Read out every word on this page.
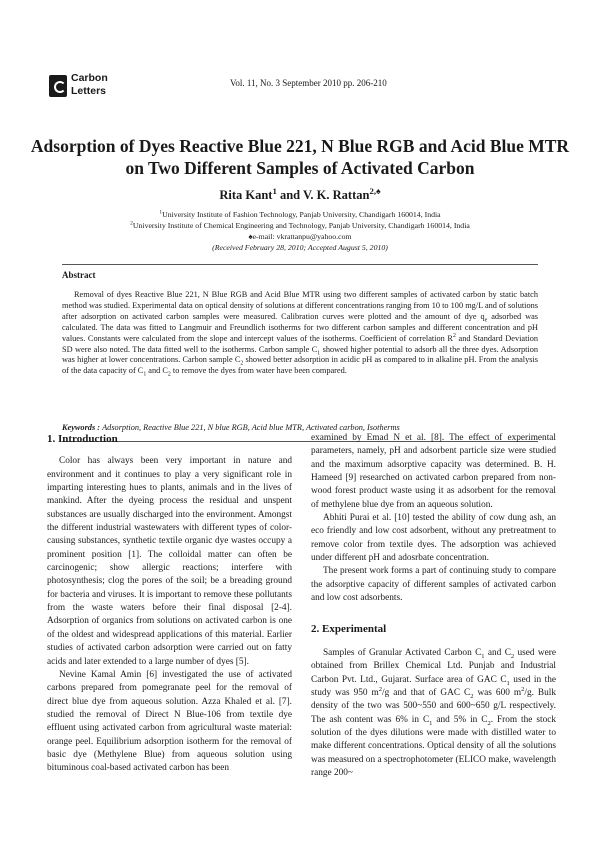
Carbon
Letters
Vol. 11, No. 3 September 2010 pp. 206-210
Adsorption of Dyes Reactive Blue 221, N Blue RGB and Acid Blue MTR
on Two Different Samples of Activated Carbon
Rita Kant$^1$ and V. K. Rattan$^{2,♠}$
$^1$University Institute of Fashion Technology, Panjab University, Chandigarh 160014, India
$^2$University Institute of Chemical Engineering and Technology, Panjab University, Chandigarh 160014, India
♠e-mail: vkrattanpu@yahoo.com
(Received February 28, 2010; Accepted August 5, 2010)
Abstract
Removal of dyes Reactive Blue 221, N Blue RGB and Acid Blue MTR using two different samples of activated carbon by static batch method was studied. Experimental data on optical density of solutions at different concentrations ranging from 10 to 100 mg/L and of solutions after adsorption on activated carbon samples were measured. Calibration curves were plotted and the amount of dye $q_e$ adsorbed was calculated. The data was fitted to Langmuir and Freundlich isotherms for two different carbon samples and different concentration and pH values. Constants were calculated from the slope and intercept values of the isotherms. Coefficient of correlation $R^2$ and Standard Deviation SD were also noted. The data fitted well to the isotherms. Carbon sample $C_1$ showed higher potential to adsorb all the three dyes. Adsorption was higher at lower concentrations. Carbon sample $C_2$ showed better adsorption in acidic pH as compared to in alkaline pH. From the analysis of the data capacity of $C_1$ and $C_2$ to remove the dyes from water have been compared.
Keywords : Adsorption, Reactive Blue 221, N blue RGB, Acid blue MTR, Activated carbon, Isotherms
1. Introduction

Color has always been very important in nature and environment and it continues to play a very significant role in imparting interesting hues to plants, animals and in the lives of mankind. After the dyeing process the residual and unspent substances are usually discharged into the environment. Amongst the different industrial wastewaters with different types of color-causing substances, synthetic textile organic dye wastes occupy a prominent position [1]. The colloidal matter can often be carcinogenic; show allergic reactions; interfere with photosynthesis; clog the pores of the soil; be a breading ground for bacteria and viruses. It is important to remove these pollutants from the waste waters before their final disposal [2-4]. Adsorption of organics from solutions on activated carbon is one of the oldest and widespread applications of this material. Earlier studies of activated carbon adsorption were carried out on fatty acids and later extended to a large number of dyes [5].

Nevine Kamal Amin [6] investigated the use of activated carbons prepared from pomegranate peel for the removal of direct blue dye from aqueous solution. Azza Khaled et al. [7]. studied the removal of Direct N Blue-106 from textile dye effluent using activated carbon from agricultural waste material: orange peel. Equilibrium adsorption isotherm for the removal of basic dye (Methylene Blue) from aqueous solution using bituminous coal-based activated carbon has been

examined by Emad N et al. [8]. The effect of experimental parameters, namely, pH and adsorbent particle size were studied and the maximum adsorptive capacity was determined. B. H. Hameed [9] researched on activated carbon prepared from non-wood forest product waste using it as adsorbent for the removal of methylene blue dye from an aqueous solution.

Abhiti Purai et al. [10] tested the ability of cow dung ash, an eco friendly and low cost adsorbent, without any pretreatment to remove color from textile dyes. The adsorption was achieved under different pH and adosrbate concentration.

The present work forms a part of continuing study to compare the adsorptive capacity of different samples of activated carbon and low cost adsorbents.

2. Experimental

Samples of Granular Activated Carbon $C_1$ and $C_2$ used were obtained from Brillex Chemical Ltd. Punjab and Industrial Carbon Pvt. Ltd., Gujarat. Surface area of GAC $C_1$ used in the study was 950 $m^2/g$ and that of GAC $C_2$ was 600 $m^2/g$. Bulk density of the two was 500~550 and 600~650 g/L respectively. The ash content was 6% in $C_1$ and 5% in $C_2$. From the stock solution of the dyes dilutions were made with distilled water to make different concentrations. Optical density of all the solutions was measured on a spectrophotometer (ELICO make, wavelength range 200~
